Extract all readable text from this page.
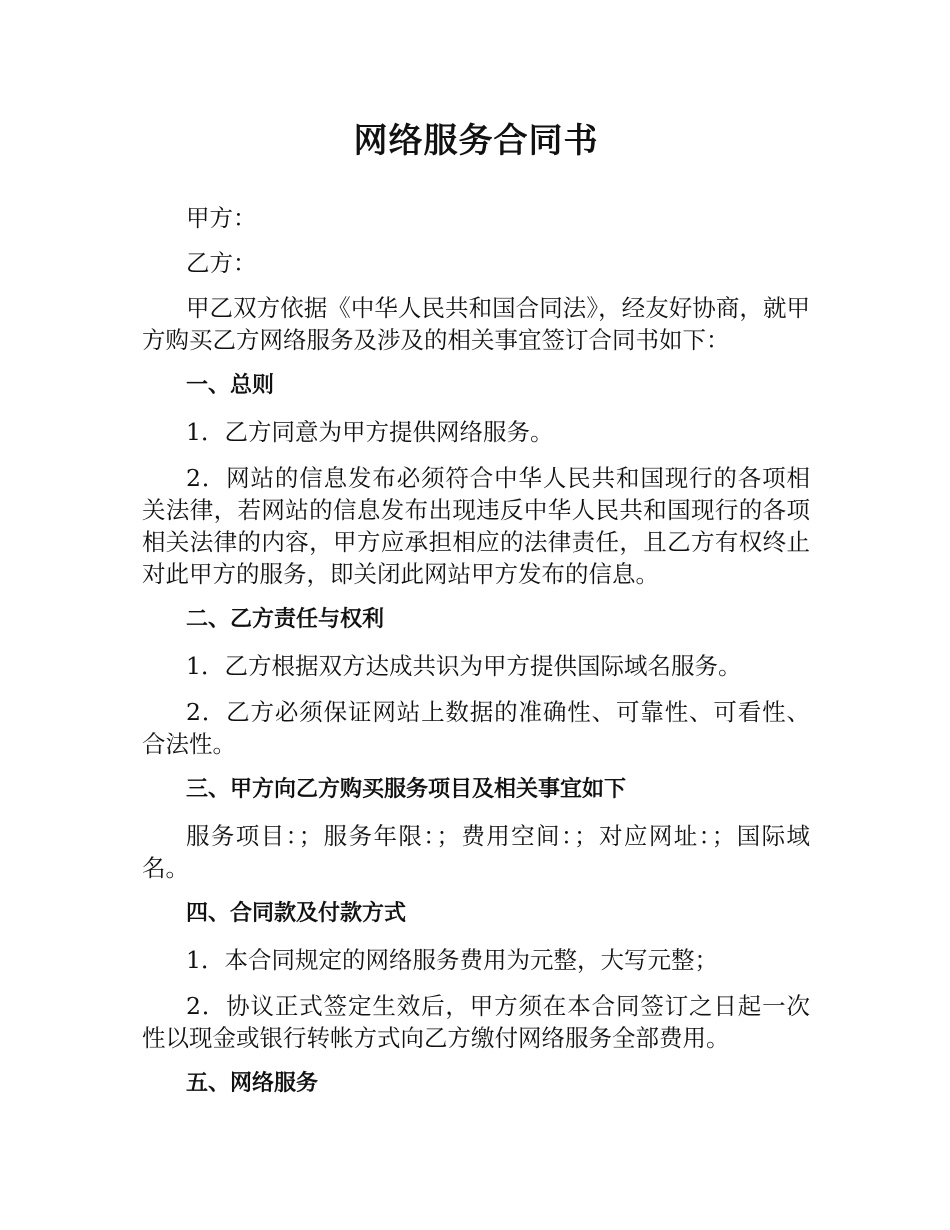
网络服务合同书

甲方：

乙方：

甲乙双方依据《中华人民共和国合同法》，经友好协商，就甲方购买乙方网络服务及涉及的相关事宜签订合同书如下：

一、总则

1．乙方同意为甲方提供网络服务。

2．网站的信息发布必须符合中华人民共和国现行的各项相关法律，若网站的信息发布出现违反中华人民共和国现行的各项相关法律的内容，甲方应承担相应的法律责任，且乙方有权终止对此甲方的服务，即关闭此网站甲方发布的信息。

二、乙方责任与权利

1．乙方根据双方达成共识为甲方提供国际域名服务。

2．乙方必须保证网站上数据的准确性、可靠性、可看性、合法性。

三、甲方向乙方购买服务项目及相关事宜如下

服务项目：；服务年限：；费用空间：；对应网址：；国际域名。

四、合同款及付款方式

1．本合同规定的网络服务费用为元整，大写元整；

2．协议正式签定生效后，甲方须在本合同签订之日起一次性以现金或银行转帐方式向乙方缴付网络服务全部费用。

五、网络服务
